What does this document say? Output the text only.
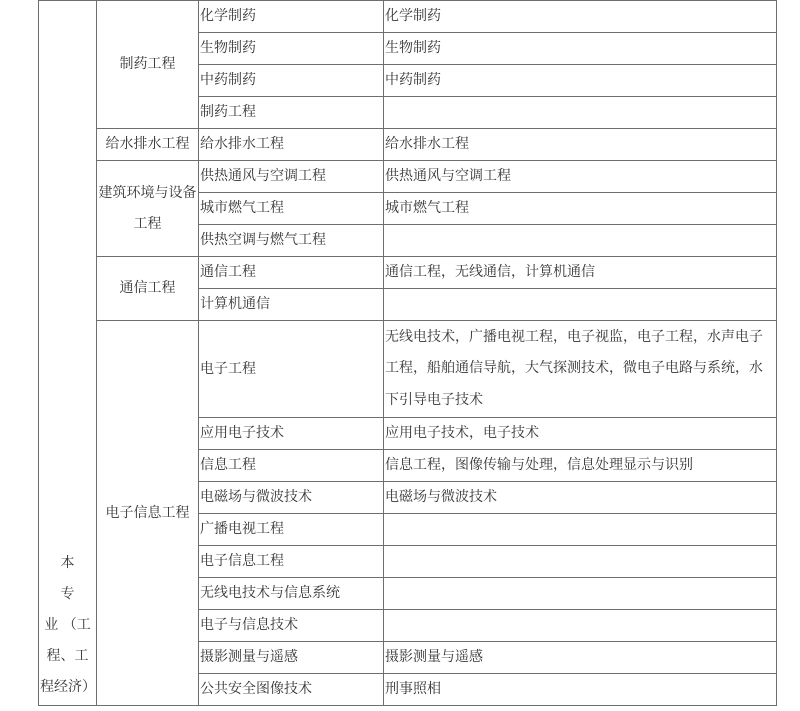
本
专
业 （工
程、工
程经济）	制药工程	化学制药	化学制药
		生物制药	生物制药
		中药制药	中药制药
		制药工程	
	给水排水工程	给水排水工程	给水排水工程
	建筑环境与设备工程	供热通风与空调工程	供热通风与空调工程
		城市燃气工程	城市燃气工程
		供热空调与燃气工程	
	通信工程	通信工程	通信工程，无线通信，计算机通信
		计算机通信	
	电子信息工程	电子工程	无线电技术，广播电视工程，电子视监，电子工程，水声电子工程，船舶通信导航，大气探测技术，微电子电路与系统，水下引导电子技术
		应用电子技术	应用电子技术，电子技术
		信息工程	信息工程，图像传输与处理，信息处理显示与识别
		电磁场与微波技术	电磁场与微波技术
		广播电视工程	
		电子信息工程	
		无线电技术与信息系统	
		电子与信息技术	
		摄影测量与遥感	摄影测量与遥感
		公共安全图像技术	刑事照相
